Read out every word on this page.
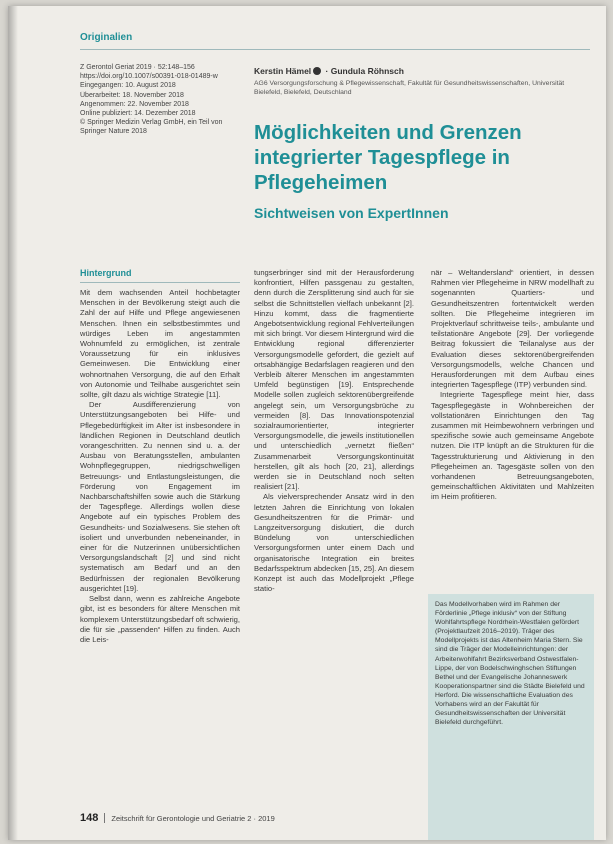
Originalien
Z Gerontol Geriat 2019 · 52:148–156
https://doi.org/10.1007/s00391-018-01489-w
Eingegangen: 10. August 2018
Überarbeitet: 18. November 2018
Angenommen: 22. November 2018
Online publiziert: 14. Dezember 2018
© Springer Medizin Verlag GmbH, ein Teil von
Springer Nature 2018
Kerstin Hämel · Gundula Röhnsch
AG6 Versorgungsforschung & Pflegewissenschaft, Fakultät für Gesundheitswissenschaften, Universität Bielefeld, Bielefeld, Deutschland
Möglichkeiten und Grenzen integrierter Tagespflege in Pflegeheimen
Sichtweisen von ExpertInnen
Hintergrund

Mit dem wachsenden Anteil hochbetagter Menschen in der Bevölkerung steigt auch die Zahl der auf Hilfe und Pflege angewiesenen Menschen. Ihnen ein selbstbestimmtes und würdiges Leben im angestammten Wohnumfeld zu ermöglichen, ist zentrale Voraussetzung für ein inklusives Gemeinwesen. Die Entwicklung einer wohnortnahen Versorgung, die auf den Erhalt von Autonomie und Teilhabe ausgerichtet sein sollte, gilt dazu als wichtige Strategie [11].

Der Ausdifferenzierung von Unterstützungsangeboten bei Hilfe- und Pflegebedürftigkeit im Alter ist insbesondere in ländlichen Regionen in Deutschland deutlich vorangeschritten. Zu nennen sind u. a. der Ausbau von Beratungsstellen, ambulanten Wohnpflegegruppen, niedrigschwelligen Betreuungs- und Entlastungsleistungen, die Förderung von Engagement im Nachbarschaftshilfen sowie auch die Stärkung der Tagespflege. Allerdings wollen diese Angebote auf ein typisches Problem des Gesundheits- und Sozialwesens. Sie stehen oft isoliert und unverbunden nebeneinander, in einer für die Nutzerinnen unübersichtlichen Versorgungslandschaft [2] und sind nicht systematisch am Bedarf und an den Bedürfnissen der regionalen Bevölkerung ausgerichtet [19].

Selbst dann, wenn es zahlreiche Angebote gibt, ist es besonders für ältere Menschen mit komplexem Unterstützungsbedarf oft schwierig, die für sie „passenden“ Hilfen zu finden. Auch die Leis-

tungserbringer sind mit der Herausforderung konfrontiert, Hilfen passgenau zu gestalten, denn durch die Zersplitterung sind auch für sie selbst die Schnittstellen vielfach unbekannt [2]. Hinzu kommt, dass die fragmentierte Angebotsentwicklung regional Fehlverteilungen mit sich bringt. Vor diesem Hintergrund wird die Entwicklung regional differenzierter Versorgungsmodelle gefordert, die gezielt auf ortsabhängige Bedarfslagen reagieren und den Verbleib älterer Menschen im angestammten Umfeld begünstigen [19]. Entsprechende Modelle sollen zugleich sektorenübergreifende angelegt sein, um Versorgungsbrüche zu vermeiden [8]. Das Innovationspotenzial sozialraumorientierter, integrierter Versorgungsmodelle, die jeweils institutionellen und unterschiedlich „vernetzt fließen“ Zusammenarbeit Versorgungskontinuität herstellen, gilt als hoch [20, 21], allerdings werden sie in Deutschland noch selten realisiert [21].

Als vielversprechender Ansatz wird in den letzten Jahren die Einrichtung von lokalen Gesundheitszentren für die Primär- und Langzeitversorgung diskutiert, die durch Bündelung von unterschiedlichen Versorgungsformen unter einem Dach und organisatorische Integration ein breites Bedarfsspektrum abdecken [15, 25]. An diesem Konzept ist auch das Modellprojekt „Pflege statio-

när – Weltandersland“ orientiert, in dessen Rahmen vier Pflegeheime in NRW modellhaft zu sogenannten Quartiers- und Gesundheitszentren fortentwickelt werden sollten. Die Pflegeheime integrieren im Projektverlauf schrittweise teils-, ambulante und teilstationäre Angebote [29]. Der vorliegende Beitrag fokussiert die Teilanalyse aus der Evaluation dieses sektorenübergreifenden Versorgungsmodells, welche Chancen und Herausforderungen mit dem Aufbau eines integrierten Tagespflege (ITP) verbunden sind.

Integrierte Tagespflege meint hier, dass Tagespflegegäste in Wohnbereichen der vollstationären Einrichtungen den Tag zusammen mit Heimbewohnern verbringen und spezifische sowie auch gemeinsame Angebote nutzen. Die ITP knüpft an die Strukturen für die Tagesstrukturierung und Aktivierung in den Pflegeheimen an. Tagesgäste sollen von den vorhandenen Betreuungsangeboten, gemeinschaftlichen Aktivitäten und Mahlzeiten im Heim profitieren.

Das Modellvorhaben wird im Rahmen der Förderlinie „Pflege inklusiv“ von der Stiftung Wohlfahrtspflege Nordrhein-Westfalen gefördert (Projektlaufzeit 2016–2019). Träger des Modellprojekts ist das Altenheim Maria Stern. Sie sind die Träger der Modelleinrichtungen: der Arbeiterwohlfahrt Bezirksverband Ostwestfalen-Lippe, der von Bodelschwinghschen Stiftungen Bethel und der Evangelische Johanneswerk Kooperationspartner sind die Städte Bielefeld und Herford. Die wissenschaftliche Evaluation des Vorhabens wird an der Fakultät für Gesundheitswissenschaften der Universität Bielefeld durchgeführt.
148 Zeitschrift für Gerontologie und Geriatrie 2 · 2019
